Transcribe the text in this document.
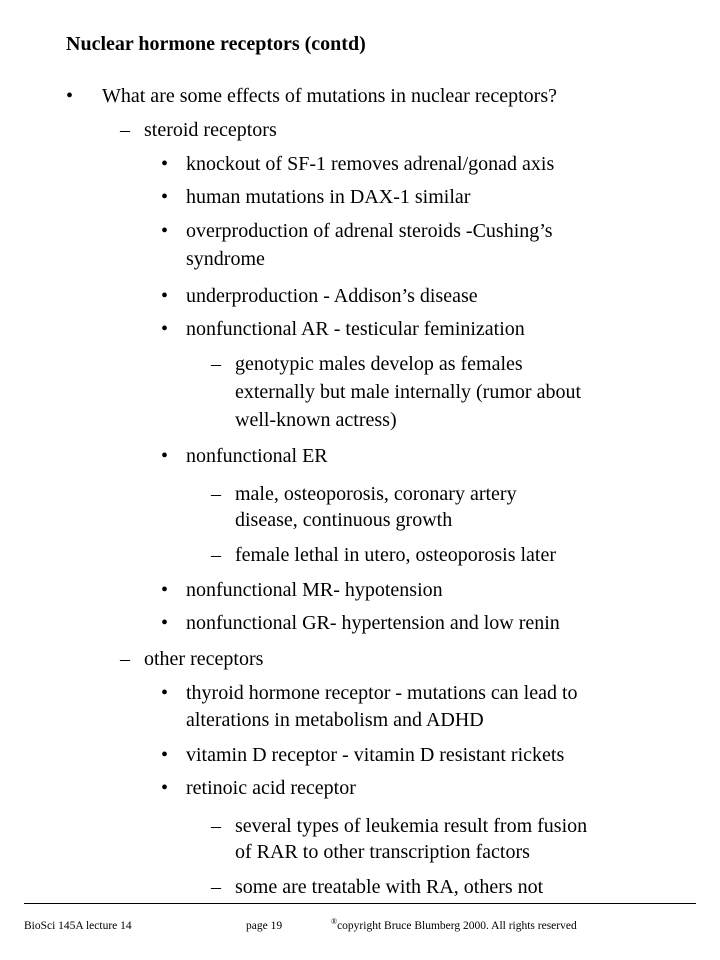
Nuclear hormone receptors (contd)
• What are some effects of mutations in nuclear receptors?
– steroid receptors
• knockout of SF-1 removes adrenal/gonad axis
• human mutations in DAX-1 similar
• overproduction of adrenal steroids -Cushing’s
syndrome
• underproduction - Addison’s disease
• nonfunctional AR - testicular feminization
– genotypic males develop as females
externally but male internally (rumor about
well-known actress)
• nonfunctional ER
– male, osteoporosis, coronary artery
disease, continuous growth
– female lethal in utero, osteoporosis later
• nonfunctional MR- hypotension
• nonfunctional GR- hypertension and low renin
– other receptors
• thyroid hormone receptor - mutations can lead to
alterations in metabolism and ADHD
• vitamin D receptor - vitamin D resistant rickets
• retinoic acid receptor
– several types of leukemia result from fusion
of RAR to other transcription factors
– some are treatable with RA, others not
BioSci 145A lecture 14	page 19	®copyright Bruce Blumberg 2000. All rights reserved
